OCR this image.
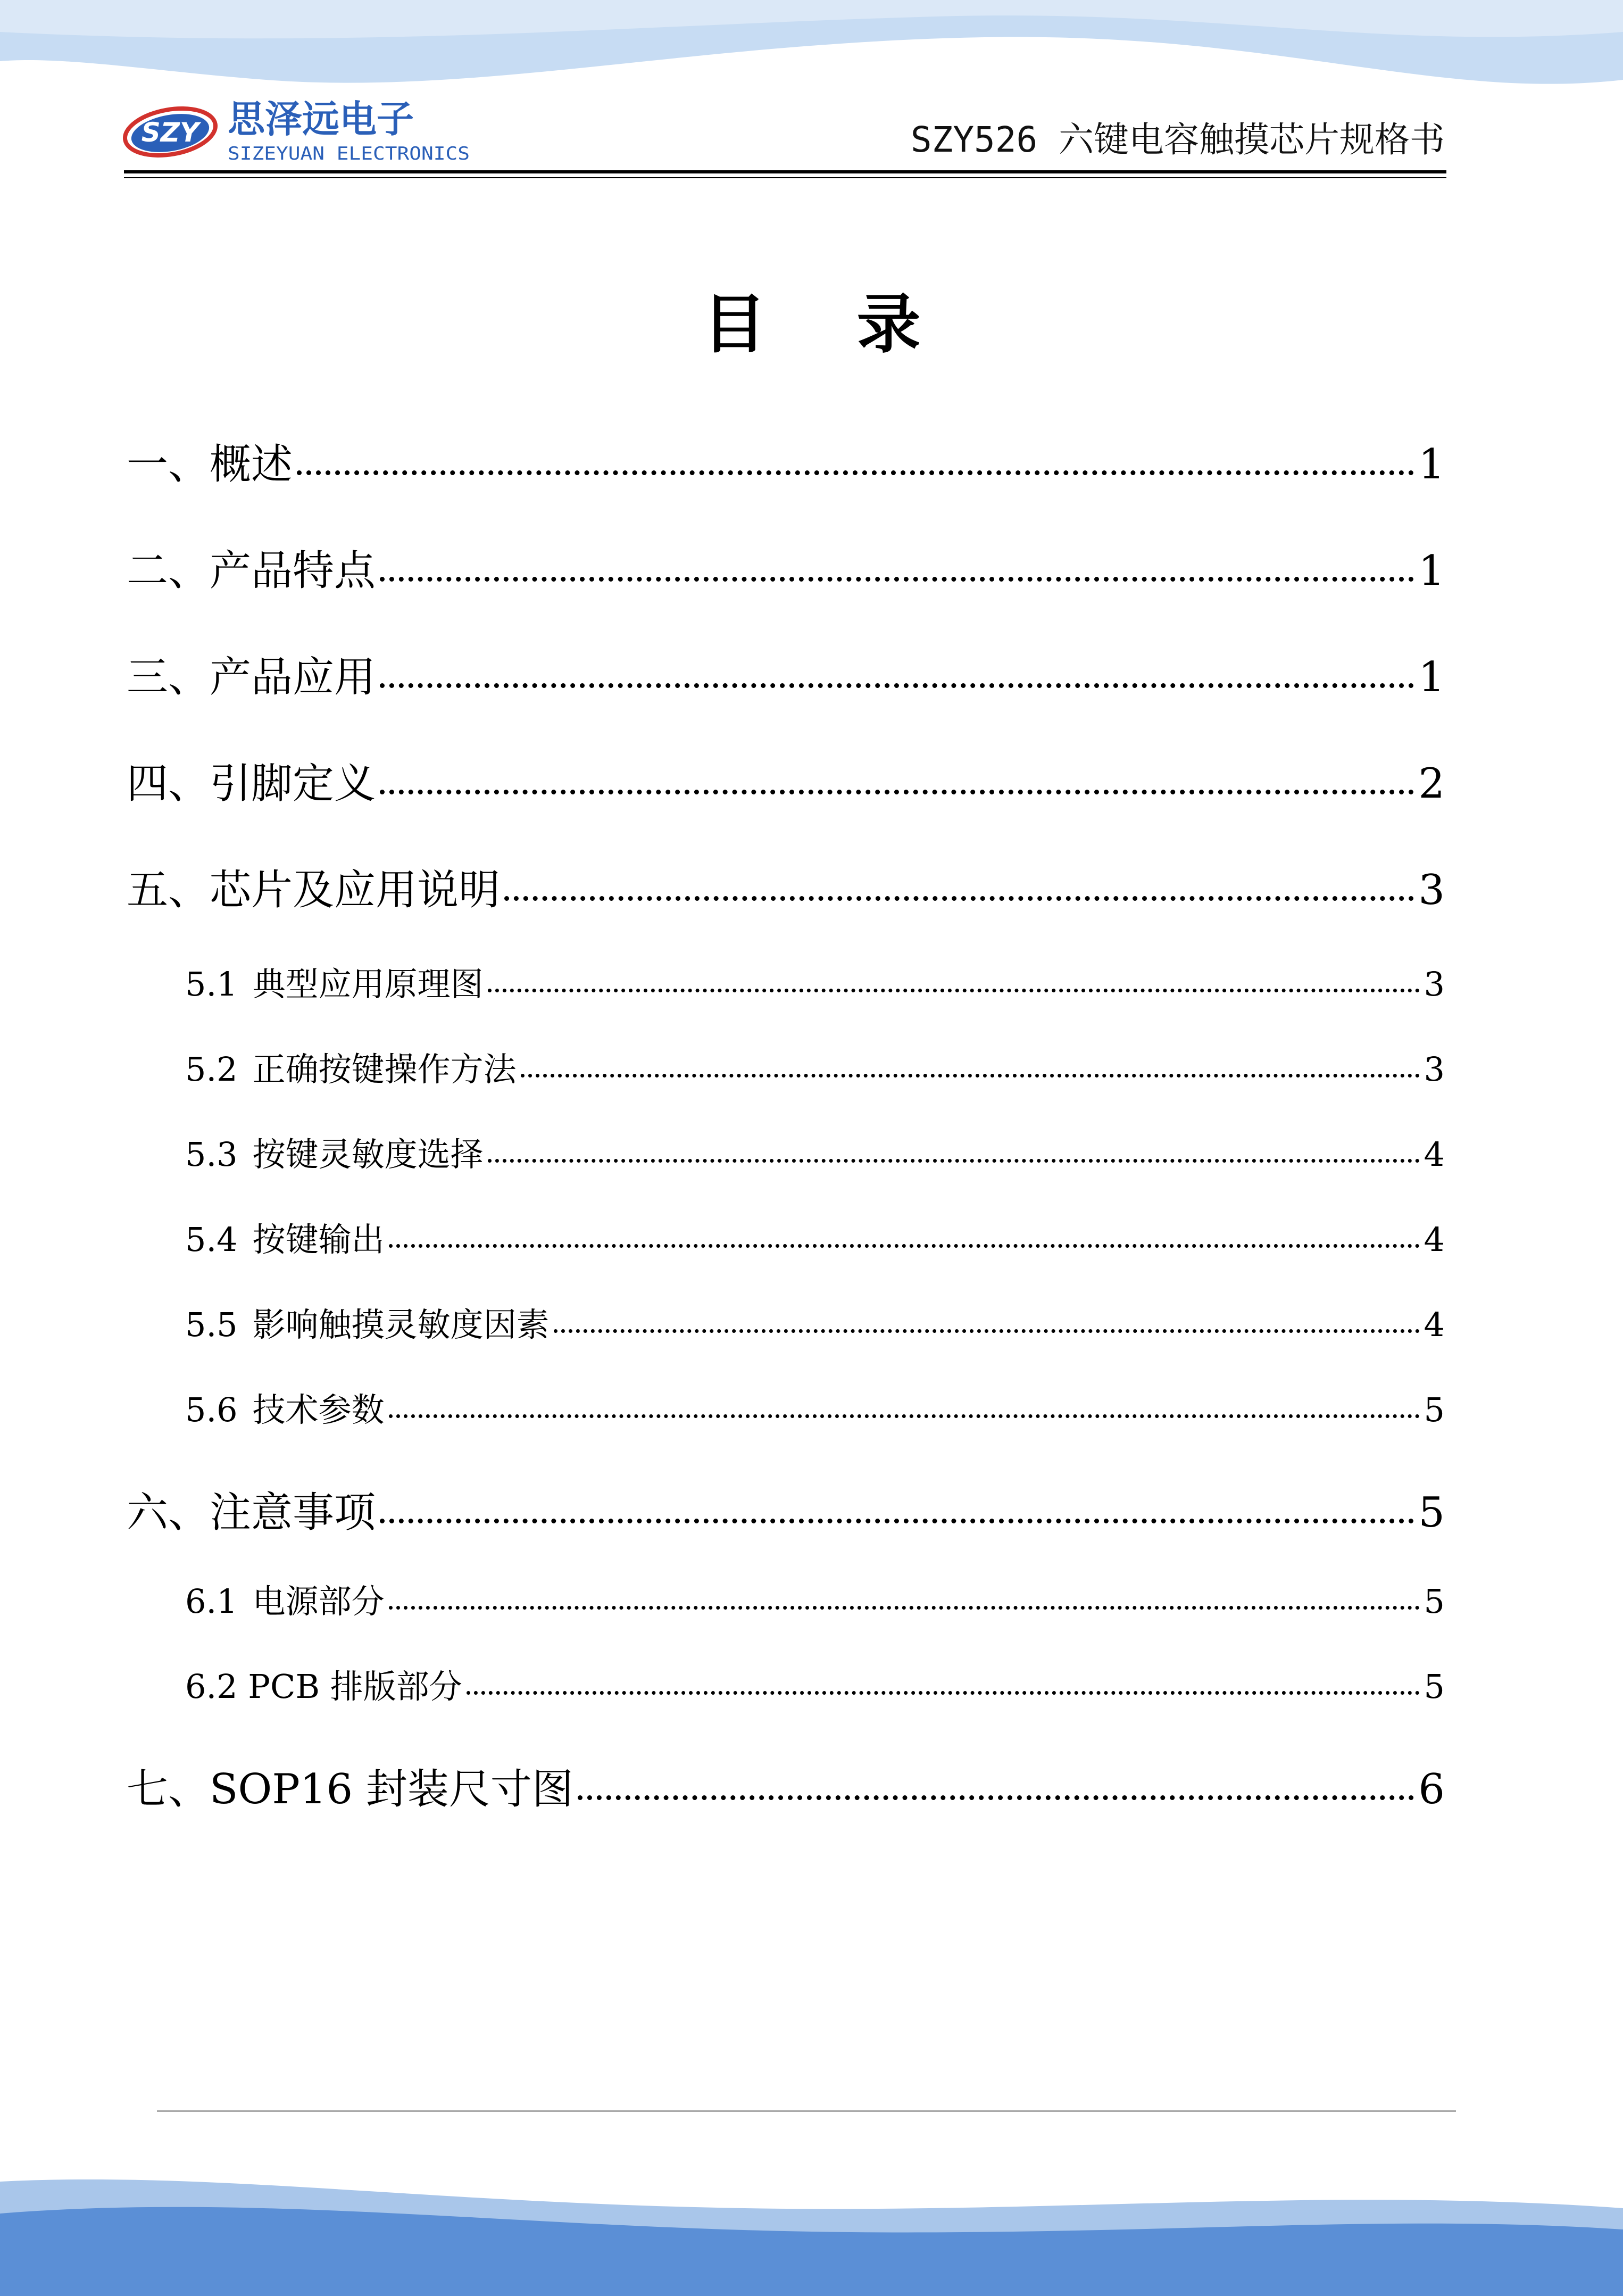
SZY 思泽远电子
SIZEYUAN ELECTRONICS	SZY526 六键电容触摸芯片规格书
目录
一、概述	1
二、产品特点	1
三、产品应用	1
四、引脚定义	2
五、芯片及应用说明	3
5.1 典型应用原理图	3
5.2 正确按键操作方法	3
5.3 按键灵敏度选择	4
5.4 按键输出	4
5.5 影响触摸灵敏度因素	4
5.6 技术参数	5
六、注意事项	5
6.1 电源部分	5
6.2 PCB 排版部分	5
七、SOP16 封装尺寸图	6
